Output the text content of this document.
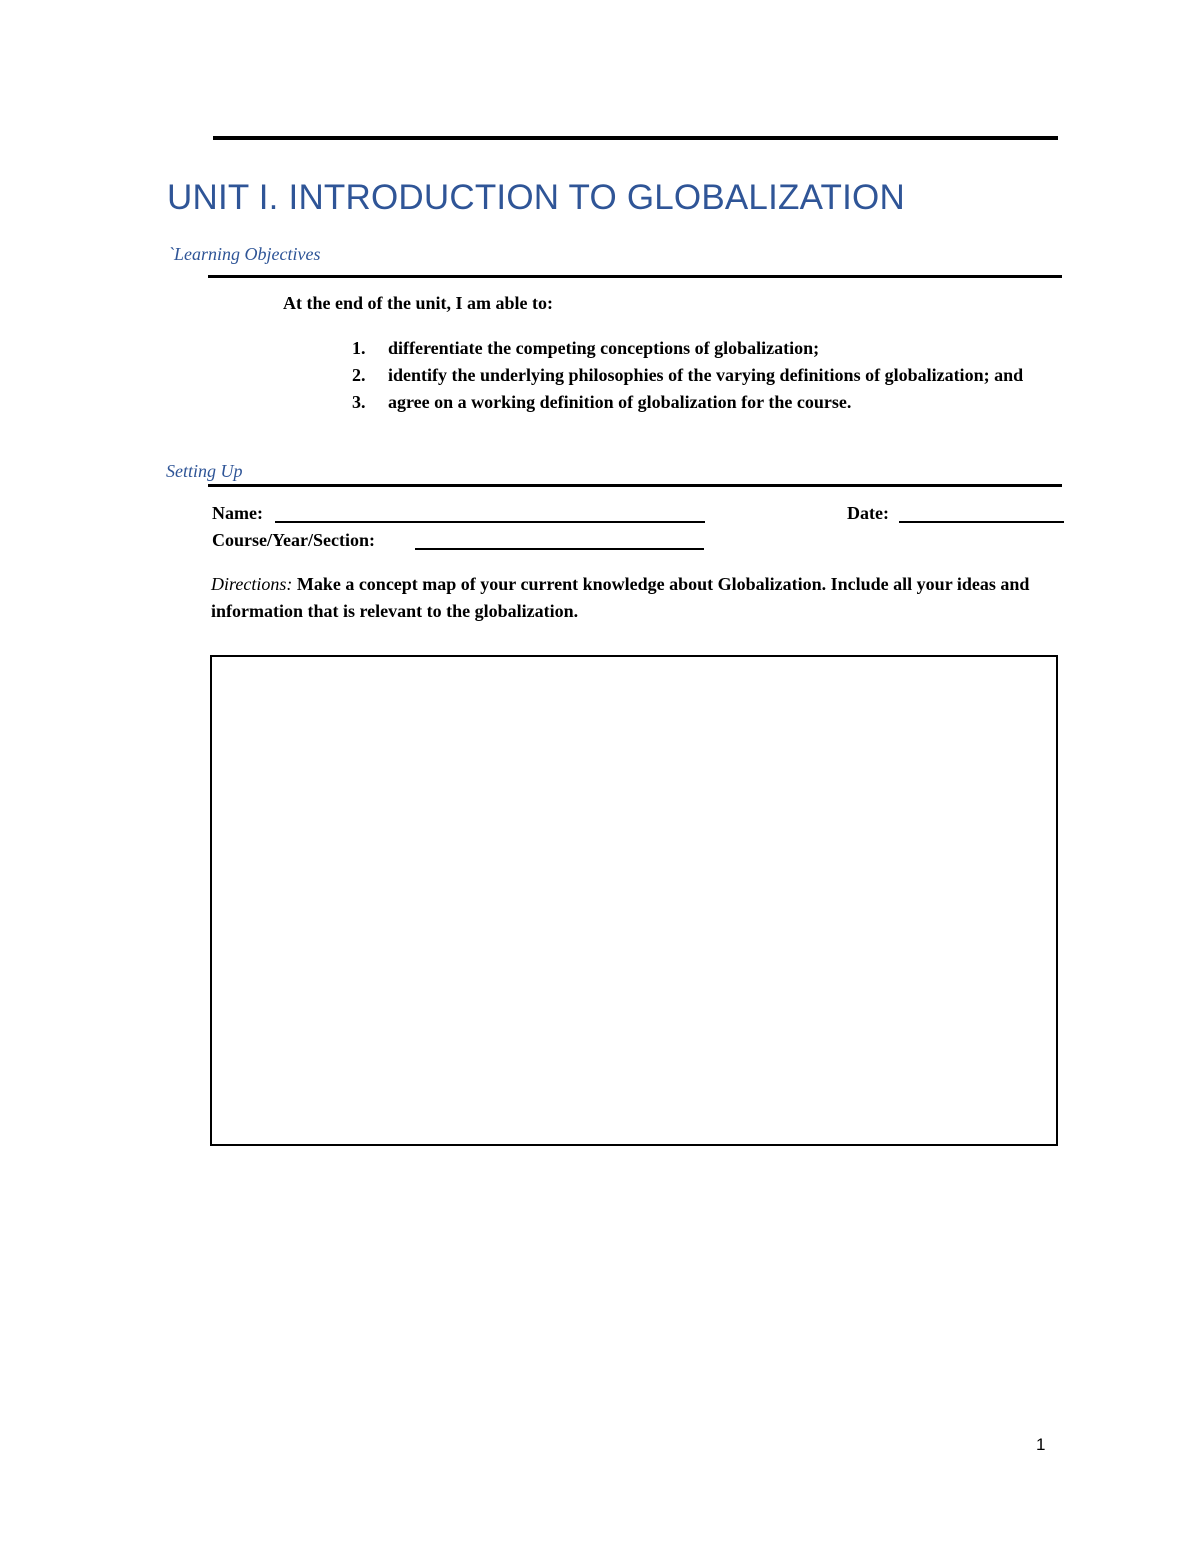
UNIT I. INTRODUCTION TO GLOBALIZATION
`Learning Objectives
At the end of the unit, I am able to:
1.	differentiate the competing conceptions of globalization;
2.	identify the underlying philosophies of the varying definitions of globalization; and
3.	agree on a working definition of globalization for the course.
Setting Up
Name:	Date:
Course/Year/Section:
Directions: Make a concept map of your current knowledge about Globalization. Include all your ideas and information that is relevant to the globalization.
1
